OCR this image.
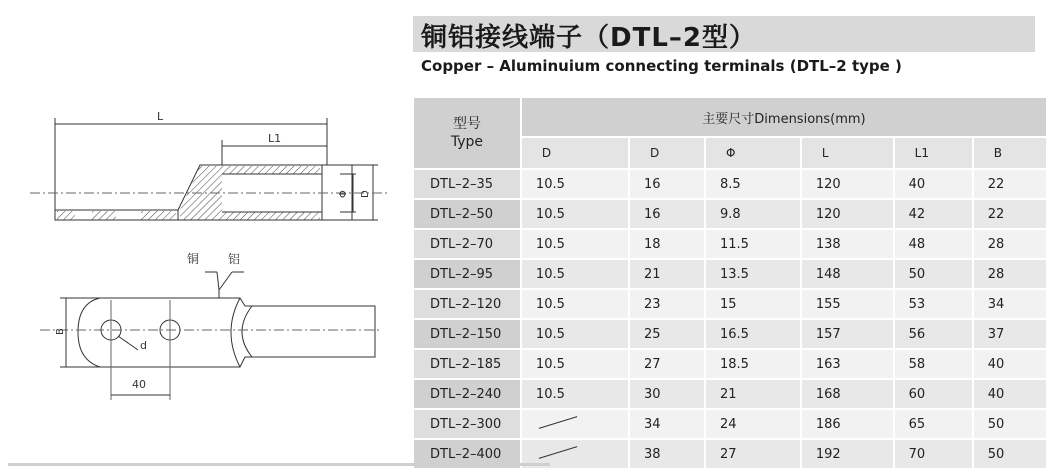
L
L1
Φ D
铜 铝
B
d
40
铜铝接线端子（DTL–2型）
Copper – Aluminuium connecting terminals (DTL–2 type )
型号
Type	主要尺寸Dimensions(mm)					
	D	D	Φ	L	L1	B
DTL–2–35	10.5	16	8.5	120	40	22
DTL–2–50	10.5	16	9.8	120	42	22
DTL–2–70	10.5	18	11.5	138	48	28
DTL–2–95	10.5	21	13.5	148	50	28
DTL–2–120	10.5	23	15	155	53	34
DTL–2–150	10.5	25	16.5	157	56	37
DTL–2–185	10.5	27	18.5	163	58	40
DTL–2–240	10.5	30	21	168	60	40
DTL–2–300		34	24	186	65	50
DTL–2–400		38	27	192	70	50
